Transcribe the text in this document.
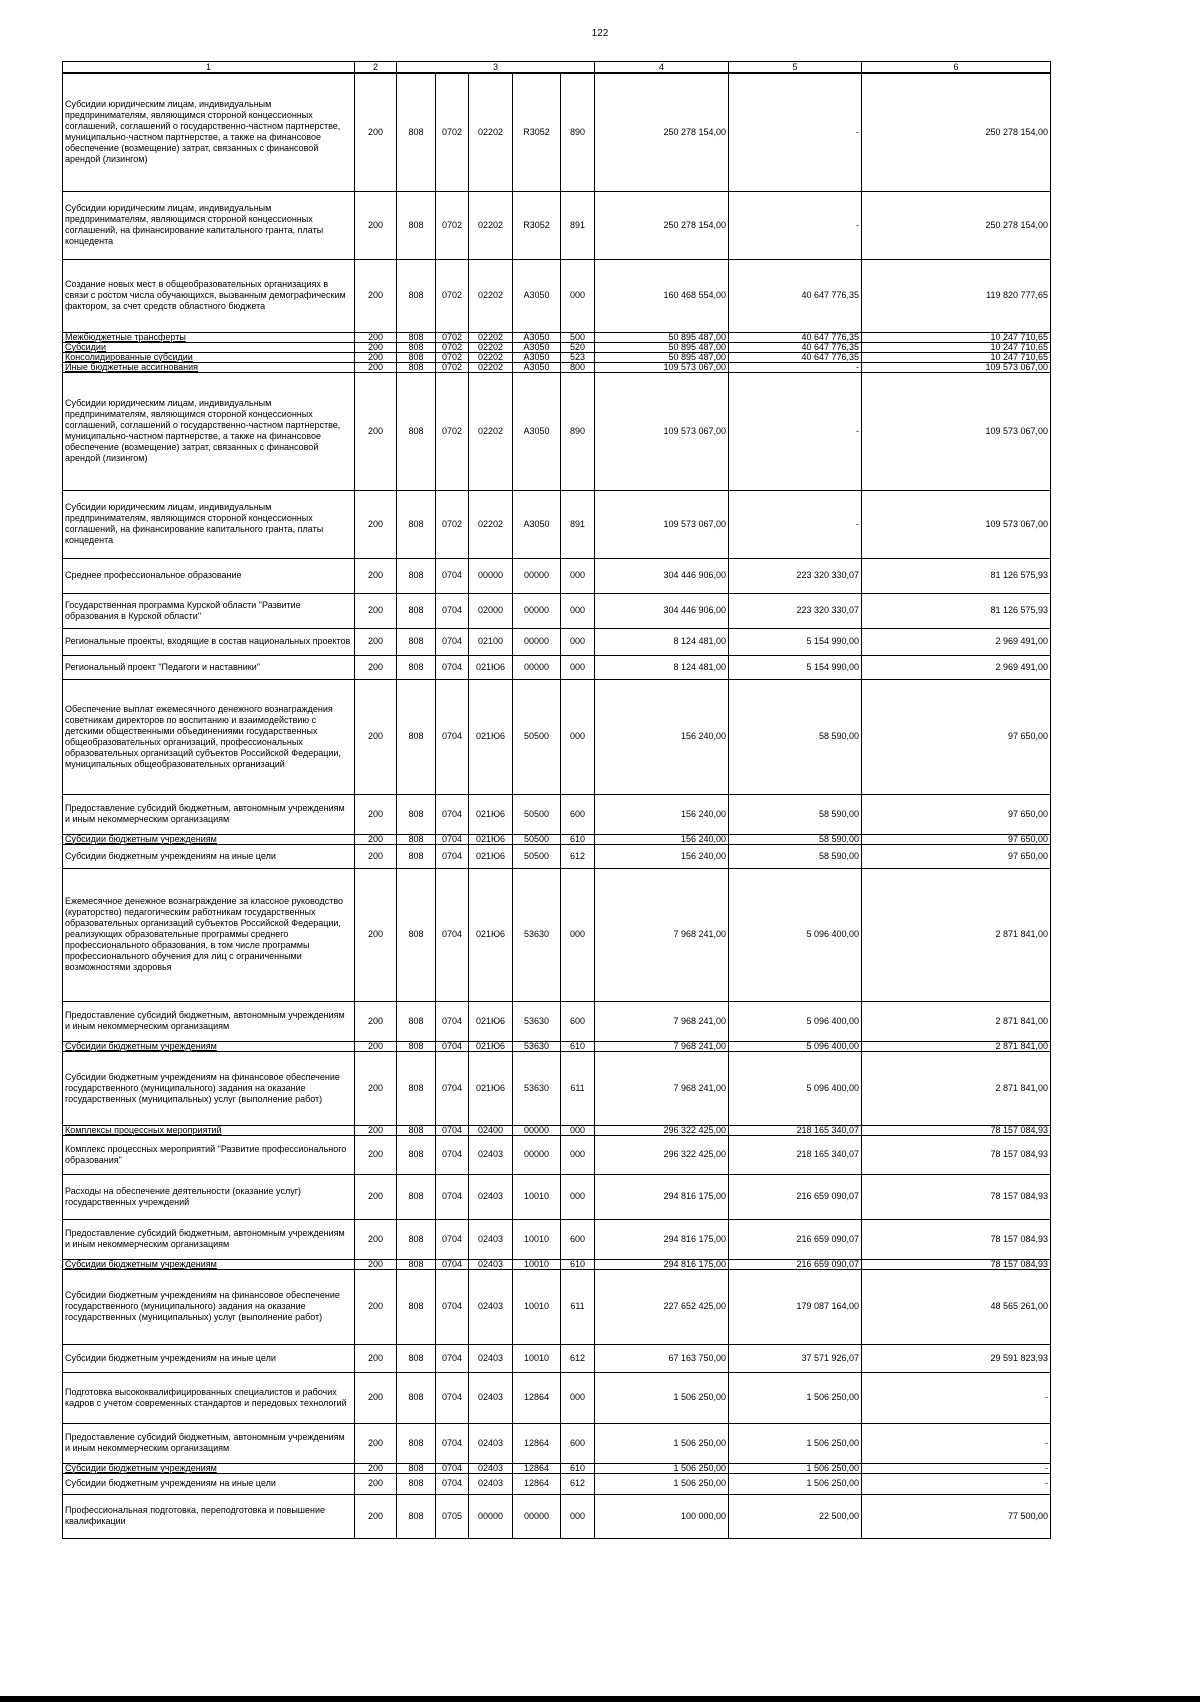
122
1	2	3					4	5	6
Субсидии юридическим лицам, индивидуальным предпринимателям, являющимся стороной концессионных соглашений, соглашений о государственно-частном партнерстве, муниципально-частном партнерстве, а также на финансовое обеспечение (возмещение) затрат, связанных с финансовой арендой (лизингом)	200	808	0702	02202	R3052	890	250 278 154,00	-	250 278 154,00
Субсидии юридическим лицам, индивидуальным предпринимателям, являющимся стороной концессионных соглашений, на финансирование капитального гранта, платы концедента	200	808	0702	02202	R3052	891	250 278 154,00	-	250 278 154,00
Создание новых мест в общеобразовательных организациях в связи с ростом числа обучающихся, вызванным демографическим фактором, за счет средств областного бюджета	200	808	0702	02202	А3050	000	160 468 554,00	40 647 776,35	119 820 777,65
Межбюджетные трансферты	200	808	0702	02202	А3050	500	50 895 487,00	40 647 776,35	10 247 710,65
Субсидии	200	808	0702	02202	А3050	520	50 895 487,00	40 647 776,35	10 247 710,65
Консолидированные субсидии	200	808	0702	02202	А3050	523	50 895 487,00	40 647 776,35	10 247 710,65
Иные бюджетные ассигнования	200	808	0702	02202	А3050	800	109 573 067,00	-	109 573 067,00
Субсидии юридическим лицам, индивидуальным предпринимателям, являющимся стороной концессионных соглашений, соглашений о государственно-частном партнерстве, муниципально-частном партнерстве, а также на финансовое обеспечение (возмещение) затрат, связанных с финансовой арендой (лизингом)	200	808	0702	02202	А3050	890	109 573 067,00	-	109 573 067,00
Субсидии юридическим лицам, индивидуальным предпринимателям, являющимся стороной концессионных соглашений, на финансирование капитального гранта, платы концедента	200	808	0702	02202	А3050	891	109 573 067,00	-	109 573 067,00
Среднее профессиональное образование	200	808	0704	00000	00000	000	304 446 906,00	223 320 330,07	81 126 575,93
Государственная программа Курской области "Развитие образования в Курской области"	200	808	0704	02000	00000	000	304 446 906,00	223 320 330,07	81 126 575,93
Региональные проекты, входящие в состав национальных проектов	200	808	0704	02100	00000	000	8 124 481,00	5 154 990,00	2 969 491,00
Региональный проект "Педагоги и наставники"	200	808	0704	021Ю6	00000	000	8 124 481,00	5 154 990,00	2 969 491,00
Обеспечение выплат ежемесячного денежного вознаграждения советникам директоров по воспитанию и взаимодействию с детскими общественными объединениями государственных общеобразовательных организаций, профессиональных образовательных организаций субъектов Российской Федерации, муниципальных общеобразовательных организаций	200	808	0704	021Ю6	50500	000	156 240,00	58 590,00	97 650,00
Предоставление субсидий бюджетным, автономным учреждениям и иным некоммерческим организациям	200	808	0704	021Ю6	50500	600	156 240,00	58 590,00	97 650,00
Субсидии бюджетным учреждениям	200	808	0704	021Ю6	50500	610	156 240,00	58 590,00	97 650,00
Субсидии бюджетным учреждениям на иные цели	200	808	0704	021Ю6	50500	612	156 240,00	58 590,00	97 650,00
Ежемесячное денежное вознаграждение за классное руководство (кураторство) педагогическим работникам государственных образовательных организаций субъектов Российской Федерации, реализующих образовательные программы среднего профессионального образования, в том числе программы профессионального обучения для лиц с ограниченными возможностями здоровья	200	808	0704	021Ю6	53630	000	7 968 241,00	5 096 400,00	2 871 841,00
Предоставление субсидий бюджетным, автономным учреждениям и иным некоммерческим организациям	200	808	0704	021Ю6	53630	600	7 968 241,00	5 096 400,00	2 871 841,00
Субсидии бюджетным учреждениям	200	808	0704	021Ю6	53630	610	7 968 241,00	5 096 400,00	2 871 841,00
Субсидии бюджетным учреждениям на финансовое обеспечение государственного (муниципального) задания на оказание государственных (муниципальных) услуг (выполнение работ)	200	808	0704	021Ю6	53630	611	7 968 241,00	5 096 400,00	2 871 841,00
Комплексы процессных мероприятий	200	808	0704	02400	00000	000	296 322 425,00	218 165 340,07	78 157 084,93
Комплекс процессных мероприятий "Развитие профессионального образования"	200	808	0704	02403	00000	000	296 322 425,00	218 165 340,07	78 157 084,93
Расходы на обеспечение деятельности (оказание услуг) государственных учреждений	200	808	0704	02403	10010	000	294 816 175,00	216 659 090,07	78 157 084,93
Предоставление субсидий бюджетным, автономным учреждениям и иным некоммерческим организациям	200	808	0704	02403	10010	600	294 816 175,00	216 659 090,07	78 157 084,93
Субсидии бюджетным учреждениям	200	808	0704	02403	10010	610	294 816 175,00	216 659 090,07	78 157 084,93
Субсидии бюджетным учреждениям на финансовое обеспечение государственного (муниципального) задания на оказание государственных (муниципальных) услуг (выполнение работ)	200	808	0704	02403	10010	611	227 652 425,00	179 087 164,00	48 565 261,00
Субсидии бюджетным учреждениям на иные цели	200	808	0704	02403	10010	612	67 163 750,00	37 571 926,07	29 591 823,93
Подготовка высококвалифицированных специалистов и рабочих кадров с учетом современных стандартов и передовых технологий	200	808	0704	02403	12864	000	1 506 250,00	1 506 250,00	-
Предоставление субсидий бюджетным, автономным учреждениям и иным некоммерческим организациям	200	808	0704	02403	12864	600	1 506 250,00	1 506 250,00	-
Субсидии бюджетным учреждениям	200	808	0704	02403	12864	610	1 506 250,00	1 506 250,00	-
Субсидии бюджетным учреждениям на иные цели	200	808	0704	02403	12864	612	1 506 250,00	1 506 250,00	-
Профессиональная подготовка, переподготовка и повышение квалификации	200	808	0705	00000	00000	000	100 000,00	22 500,00	77 500,00
